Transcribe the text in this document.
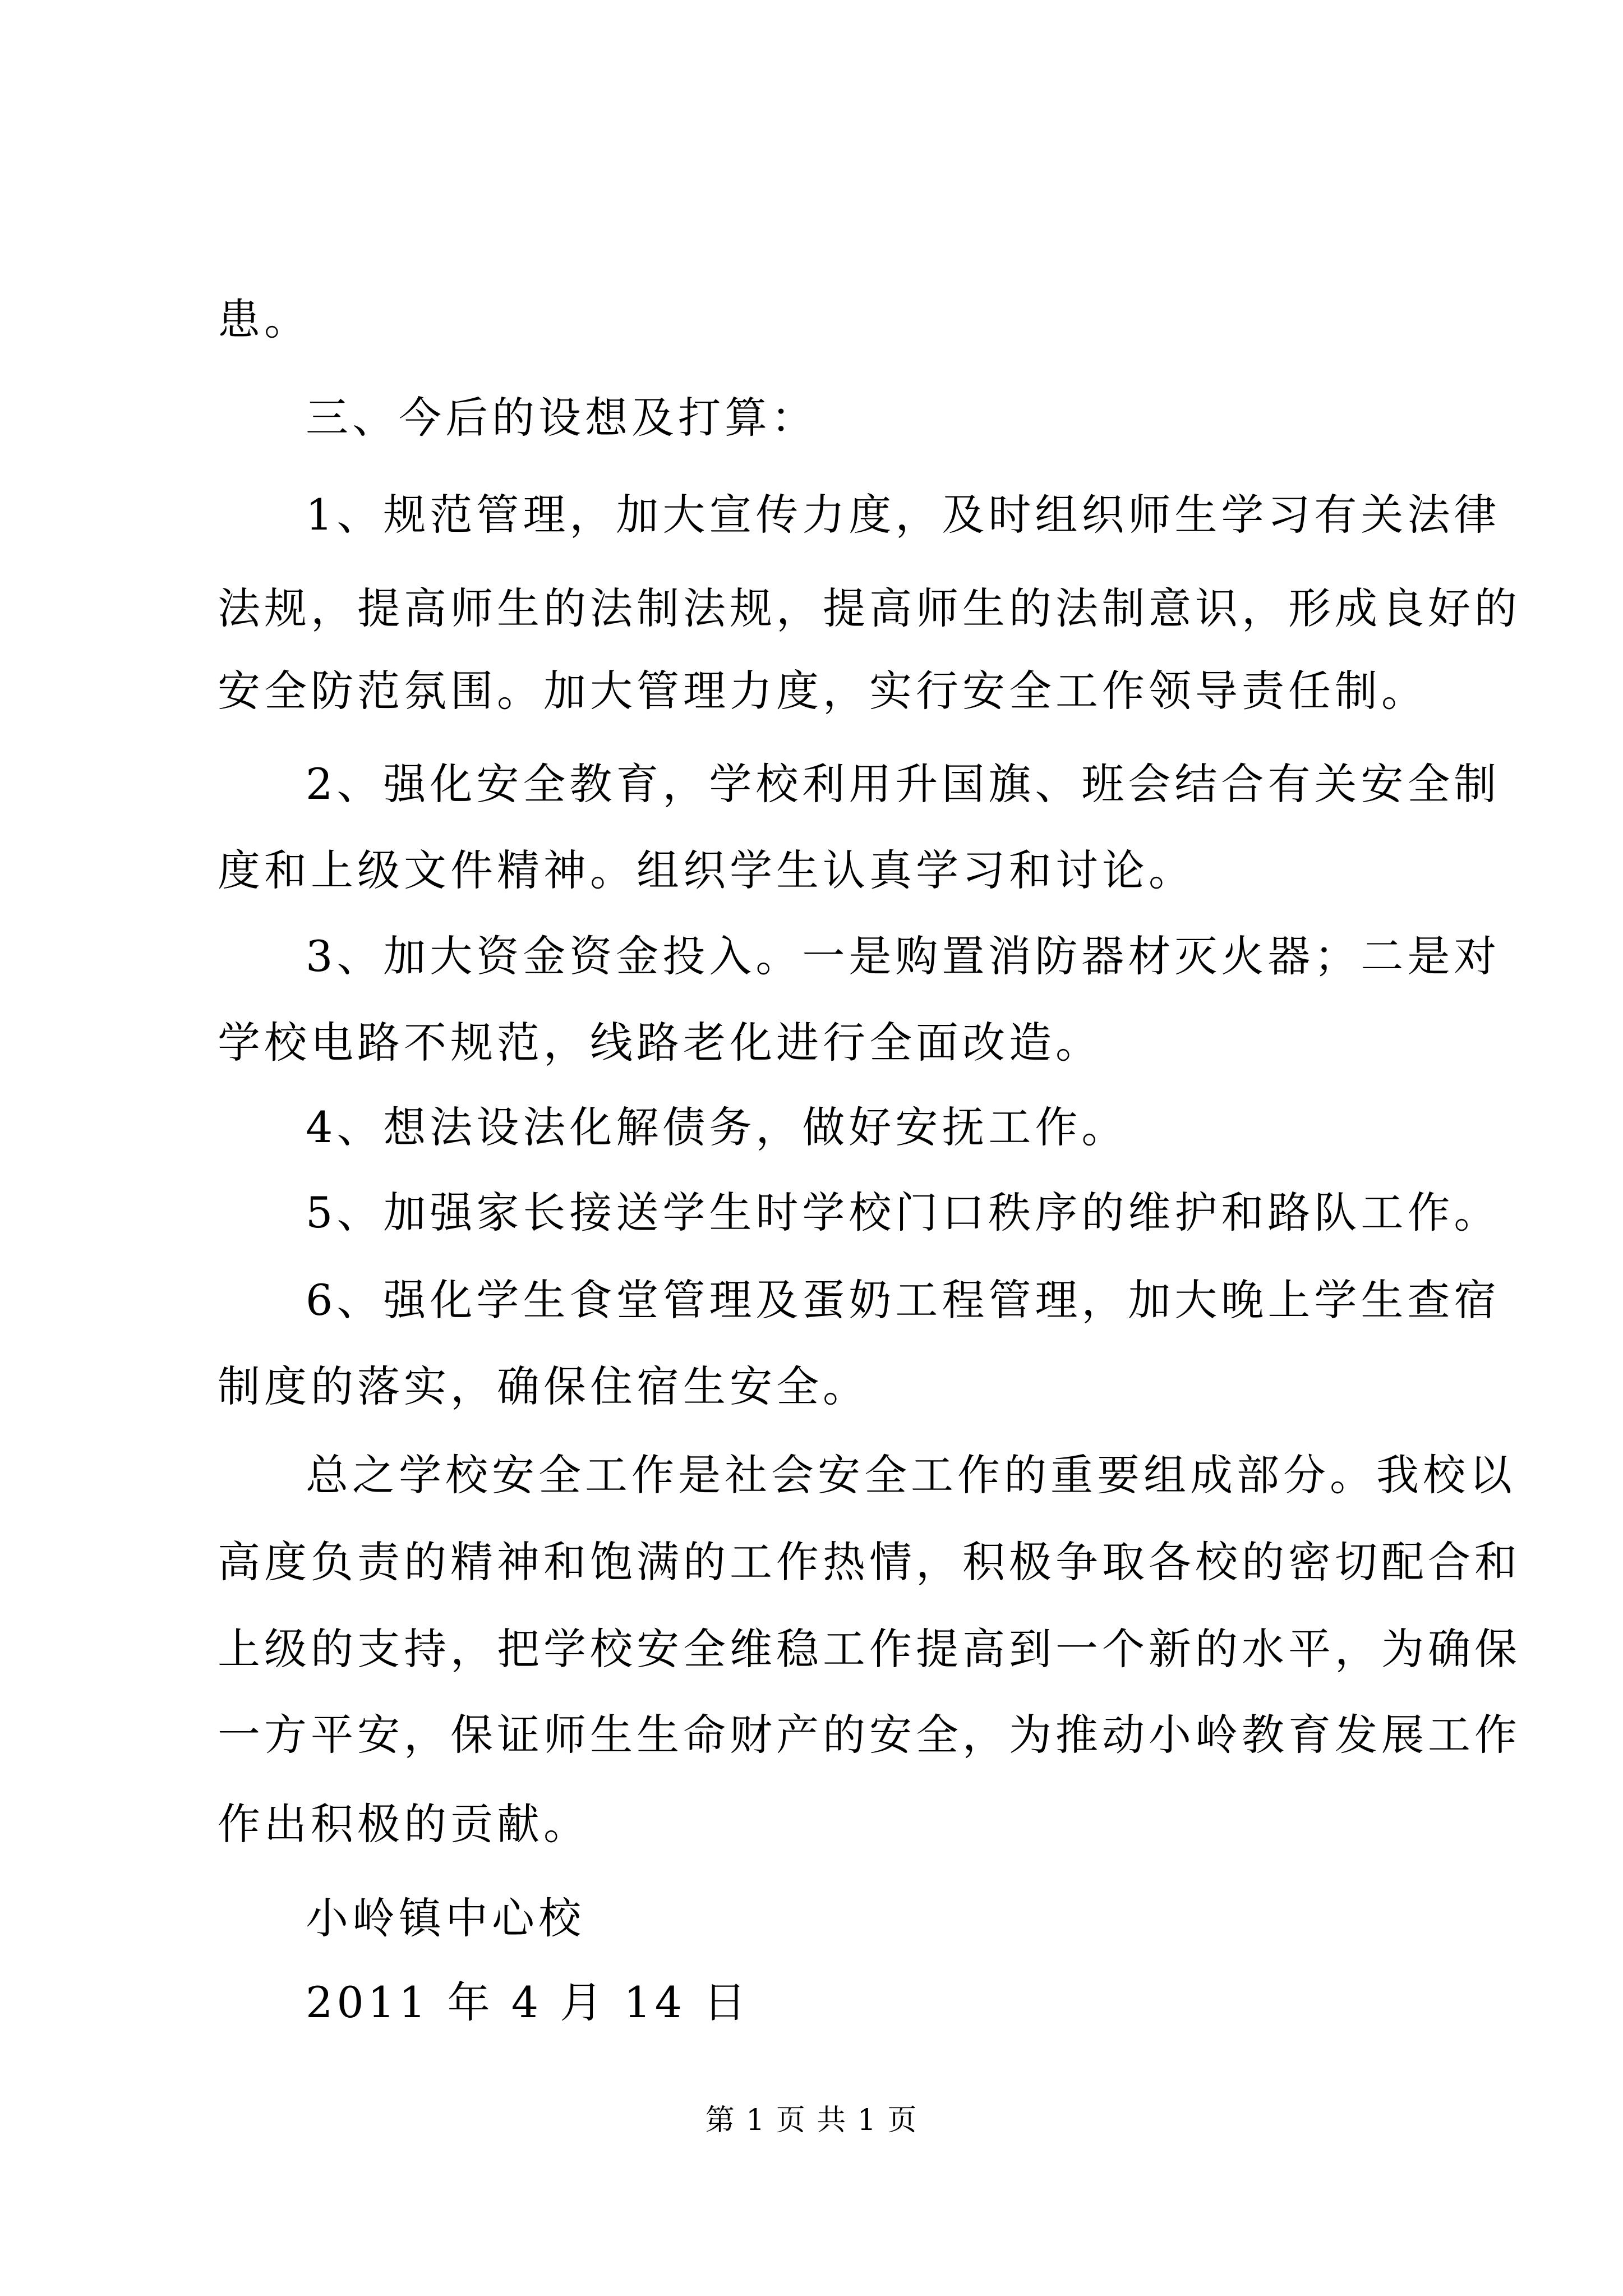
患。
三、今后的设想及打算：
1、规范管理，加大宣传力度，及时组织师生学习有关法律
法规，提高师生的法制法规，提高师生的法制意识，形成良好的
安全防范氛围。加大管理力度，实行安全工作领导责任制。
2、强化安全教育，学校利用升国旗、班会结合有关安全制
度和上级文件精神。组织学生认真学习和讨论。
3、加大资金资金投入。一是购置消防器材灭火器；二是对
学校电路不规范，线路老化进行全面改造。
4、想法设法化解债务，做好安抚工作。
5、加强家长接送学生时学校门口秩序的维护和路队工作。
6、强化学生食堂管理及蛋奶工程管理，加大晚上学生查宿
制度的落实，确保住宿生安全。
总之学校安全工作是社会安全工作的重要组成部分。我校以
高度负责的精神和饱满的工作热情，积极争取各校的密切配合和
上级的支持，把学校安全维稳工作提高到一个新的水平，为确保
一方平安，保证师生生命财产的安全，为推动小岭教育发展工作
作出积极的贡献。
小岭镇中心校
2011 年 4 月 14 日
第 1 页 共 1 页
